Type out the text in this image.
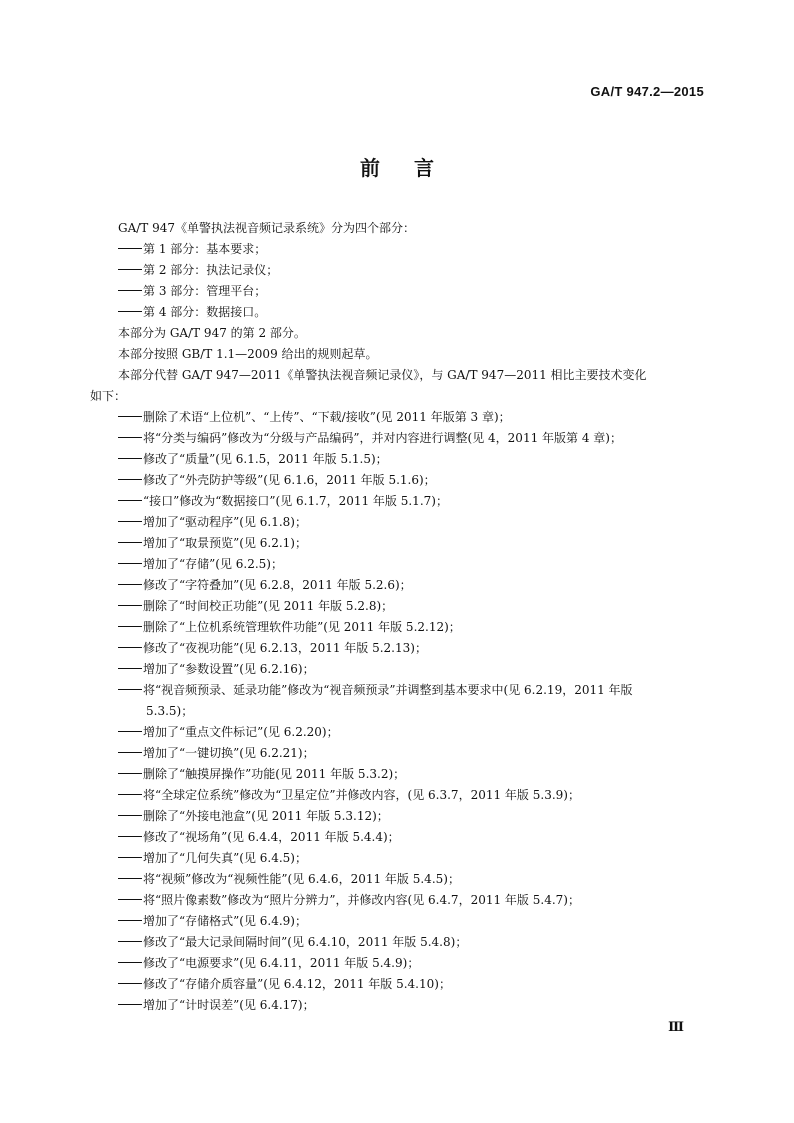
GA/T 947.2—2015
前言

GA/T 947《单警执法视音频记录系统》分为四个部分：

第 1 部分：基本要求；

第 2 部分：执法记录仪；

第 3 部分：管理平台；

第 4 部分：数据接口。

本部分为 GA/T 947 的第 2 部分。

本部分按照 GB/T 1.1—2009 给出的规则起草。

本部分代替 GA/T 947—2011《单警执法视音频记录仪》，与 GA/T 947—2011 相比主要技术变化

如下：

删除了术语“上位机”、“上传”、“下载/接收”(见 2011 年版第 3 章)；

将“分类与编码”修改为“分级与产品编码”，并对内容进行调整(见 4，2011 年版第 4 章)；

修改了“质量”(见 6.1.5，2011 年版 5.1.5)；

修改了“外壳防护等级”(见 6.1.6，2011 年版 5.1.6)；

“接口”修改为“数据接口”(见 6.1.7，2011 年版 5.1.7)；

增加了“驱动程序”(见 6.1.8)；

增加了“取景预览”(见 6.2.1)；

增加了“存储”(见 6.2.5)；

修改了“字符叠加”(见 6.2.8，2011 年版 5.2.6)；

删除了“时间校正功能”(见 2011 年版 5.2.8)；

删除了“上位机系统管理软件功能”(见 2011 年版 5.2.12)；

修改了“夜视功能”(见 6.2.13，2011 年版 5.2.13)；

增加了“参数设置”(见 6.2.16)；

将“视音频预录、延录功能”修改为“视音频预录”并调整到基本要求中(见 6.2.19，2011 年版

5.3.5)；

增加了“重点文件标记”(见 6.2.20)；

增加了“一键切换”(见 6.2.21)；

删除了“触摸屏操作”功能(见 2011 年版 5.3.2)；

将“全球定位系统”修改为“卫星定位”并修改内容，(见 6.3.7，2011 年版 5.3.9)；

删除了“外接电池盒”(见 2011 年版 5.3.12)；

修改了“视场角”(见 6.4.4，2011 年版 5.4.4)；

增加了“几何失真”(见 6.4.5)；

将“视频”修改为“视频性能”(见 6.4.6，2011 年版 5.4.5)；

将“照片像素数”修改为“照片分辨力”，并修改内容(见 6.4.7，2011 年版 5.4.7)；

增加了“存储格式”(见 6.4.9)；

修改了“最大记录间隔时间”(见 6.4.10，2011 年版 5.4.8)；

修改了“电源要求”(见 6.4.11，2011 年版 5.4.9)；

修改了“存储介质容量”(见 6.4.12，2011 年版 5.4.10)；

增加了“计时误差”(见 6.4.17)；

Ⅲ
